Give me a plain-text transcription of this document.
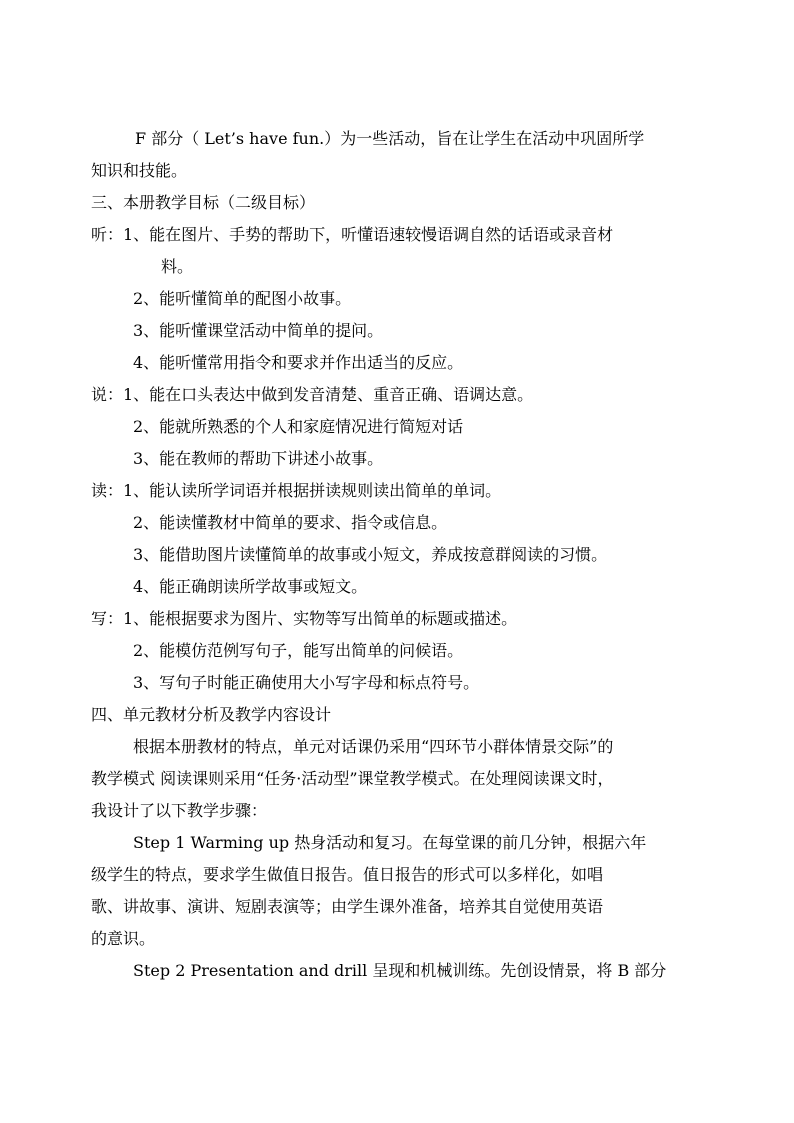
F 部分（ Let’s have fun.）为一些活动，旨在让学生在活动中巩固所学
知识和技能。
三、本册教学目标（二级目标）
听：1、能在图片、手势的帮助下，听懂语速较慢语调自然的话语或录音材
料。
2、能听懂简单的配图小故事。
3、能听懂课堂活动中简单的提问。
4、能听懂常用指令和要求并作出适当的反应。
说：1、能在口头表达中做到发音清楚、重音正确、语调达意。
2、能就所熟悉的个人和家庭情况进行简短对话
3、能在教师的帮助下讲述小故事。
读：1、能认读所学词语并根据拼读规则读出简单的单词。
2、能读懂教材中简单的要求、指令或信息。
3、能借助图片读懂简单的故事或小短文，养成按意群阅读的习惯。
4、能正确朗读所学故事或短文。
写：1、能根据要求为图片、实物等写出简单的标题或描述。
2、能模仿范例写句子，能写出简单的问候语。
3、写句子时能正确使用大小写字母和标点符号。
四、单元教材分析及教学内容设计
根据本册教材的特点，单元对话课仍采用“四环节小群体情景交际”的
教学模式 阅读课则采用“任务·活动型”课堂教学模式。在处理阅读课文时，
我设计了以下教学步骤：
Step 1 Warming up 热身活动和复习。在每堂课的前几分钟，根据六年
级学生的特点，要求学生做值日报告。值日报告的形式可以多样化，如唱
歌、讲故事、演讲、短剧表演等；由学生课外准备，培养其自觉使用英语
的意识。
Step 2 Presentation and drill 呈现和机械训练。先创设情景，将 B 部分
